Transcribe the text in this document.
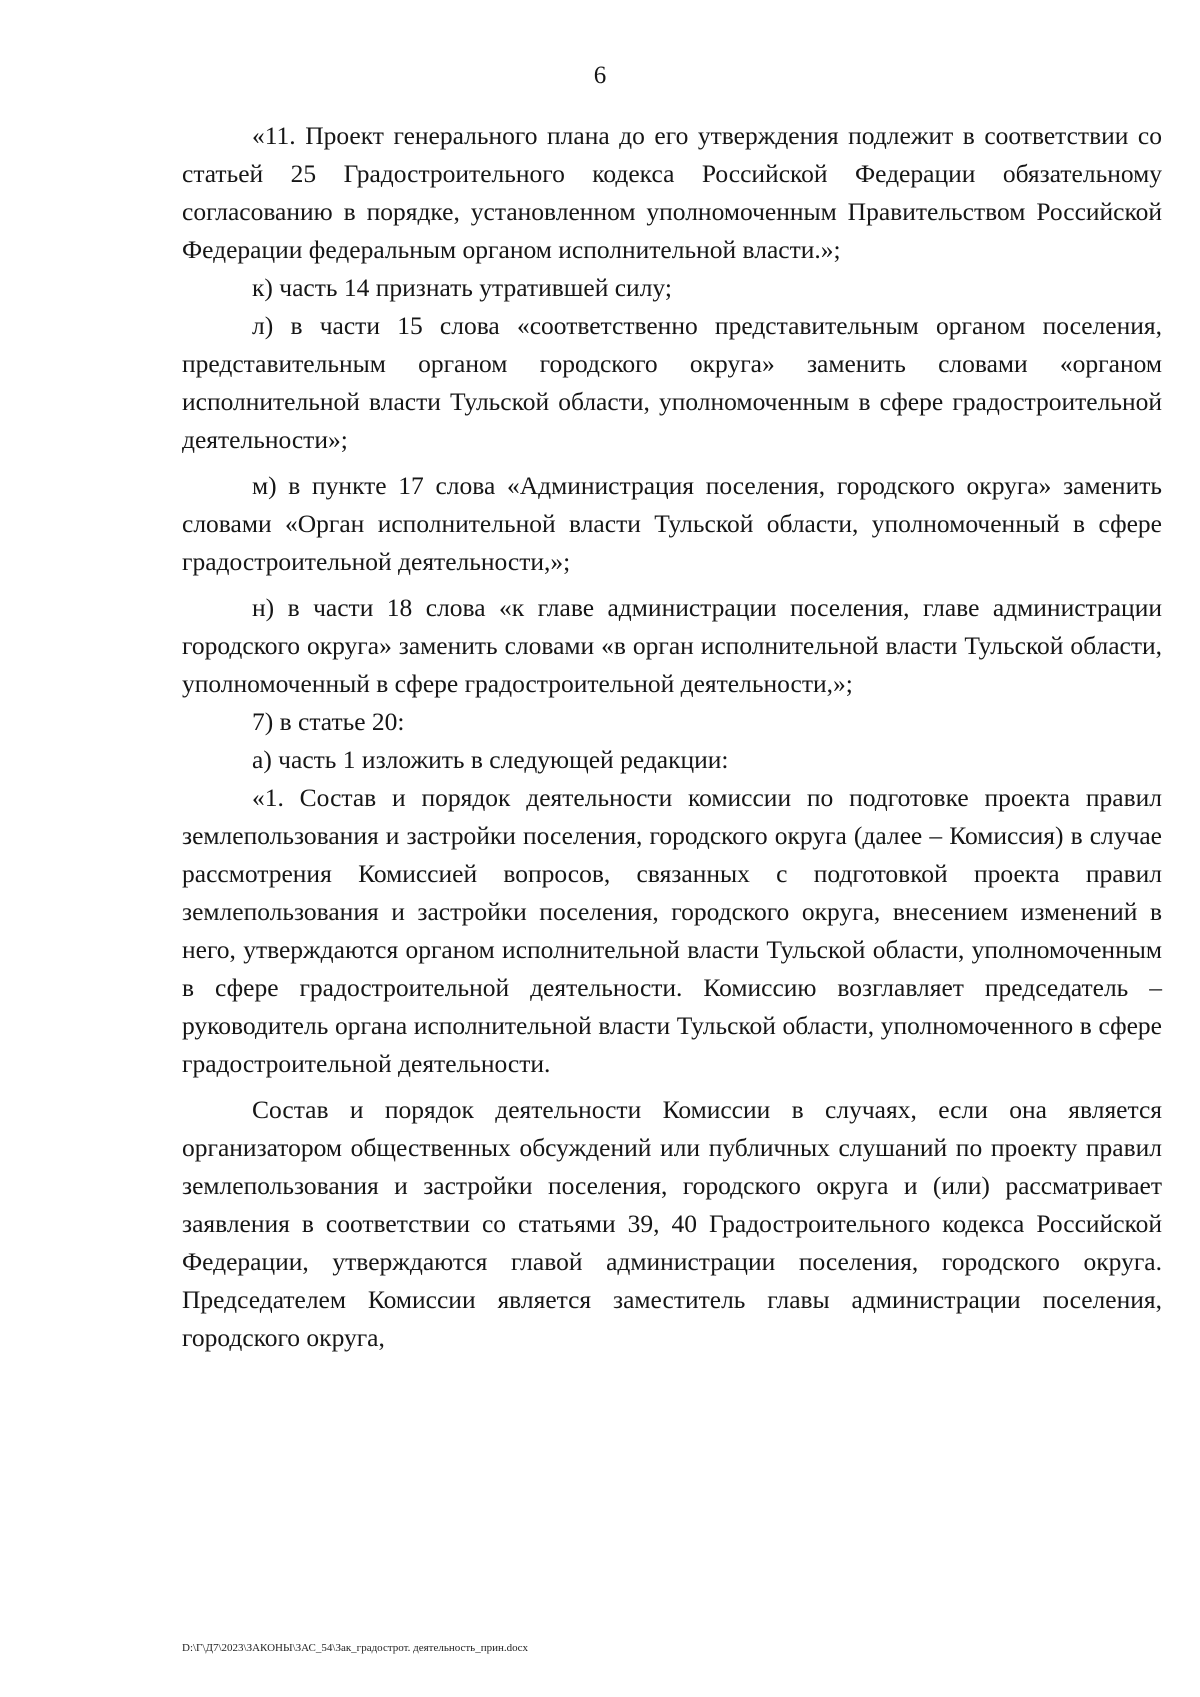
6

«11. Проект генерального плана до его утверждения подлежит в соответствии со статьей 25 Градостроительного кодекса Российской Федерации обязательному согласованию в порядке, установленном уполномоченным Правительством Российской Федерации федеральным органом исполнительной власти.»;

к) часть 14 признать утратившей силу;

л) в части 15 слова «соответственно представительным органом поселения, представительным органом городского округа» заменить словами «органом исполнительной власти Тульской области, уполномоченным в сфере градостроительной деятельности»;

м) в пункте 17 слова «Администрация поселения, городского округа» заменить словами «Орган исполнительной власти Тульской области, уполномоченный в сфере градостроительной деятельности,»;

н) в части 18 слова «к главе администрации поселения, главе администрации городского округа» заменить словами «в орган исполнительной власти Тульской области, уполномоченный в сфере градостроительной деятельности,»;

7) в статье 20:

а) часть 1 изложить в следующей редакции:

«1. Состав и порядок деятельности комиссии по подготовке проекта правил землепользования и застройки поселения, городского округа (далее – Комиссия) в случае рассмотрения Комиссией вопросов, связанных с подготовкой проекта правил землепользования и застройки поселения, городского округа, внесением изменений в него, утверждаются органом исполнительной власти Тульской области, уполномоченным в сфере градостроительной деятельности. Комиссию возглавляет председатель – руководитель органа исполнительной власти Тульской области, уполномоченного в сфере градостроительной деятельности.

Состав и порядок деятельности Комиссии в случаях, если она является организатором общественных обсуждений или публичных слушаний по проекту правил землепользования и застройки поселения, городского округа и (или) рассматривает заявления в соответствии со статьями 39, 40 Градостроительного кодекса Российской Федерации, утверждаются главой администрации поселения, городского округа. Председателем Комиссии является заместитель главы администрации поселения, городского округа,

D:\Г\Д7\2023\ЗАКОНЫ\ЗАС_54\Зак_градострот. деятельность_прин.docx
